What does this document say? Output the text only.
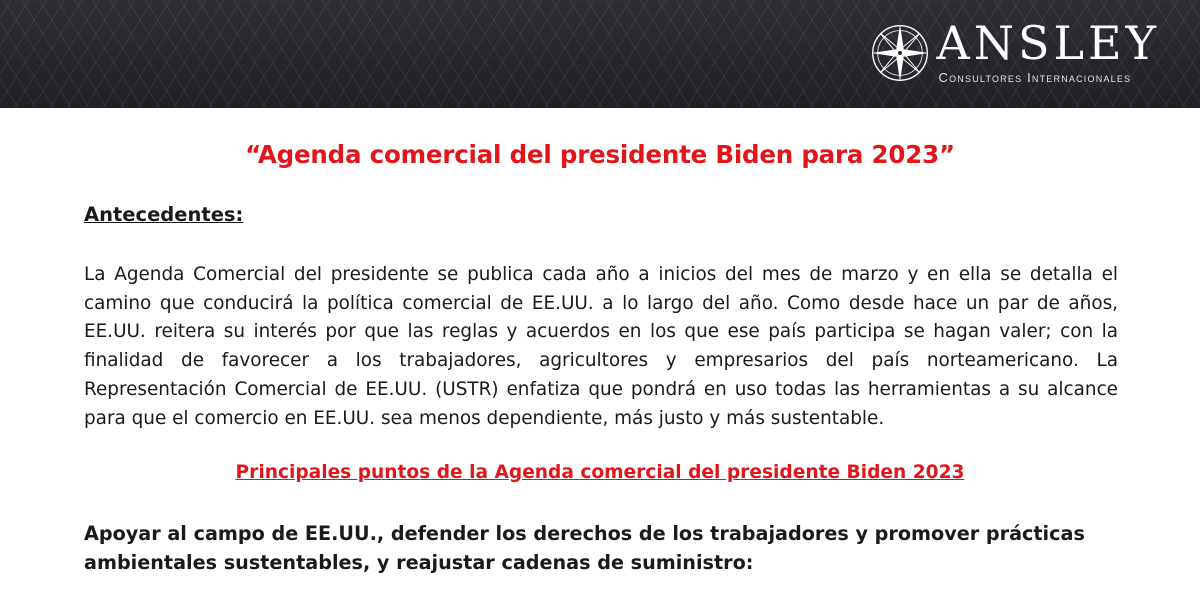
ANSLEY
Consultores Internacionales
“Agenda comercial del presidente Biden para 2023”
Antecedentes:

La Agenda Comercial del presidente se publica cada año a inicios del mes de marzo y en ella se detalla el camino que conducirá la política comercial de EE.UU. a lo largo del año. Como desde hace un par de años, EE.UU. reitera su interés por que las reglas y acuerdos en los que ese país participa se hagan valer; con la finalidad de favorecer a los trabajadores, agricultores y empresarios del país norteamericano. La Representación Comercial de EE.UU. (USTR) enfatiza que pondrá en uso todas las herramientas a su alcance para que el comercio en EE.UU. sea menos dependiente, más justo y más sustentable.

Principales puntos de la Agenda comercial del presidente Biden 2023
Apoyar al campo de EE.UU., defender los derechos de los trabajadores y promover prácticas ambientales sustentables, y reajustar cadenas de suministro:
